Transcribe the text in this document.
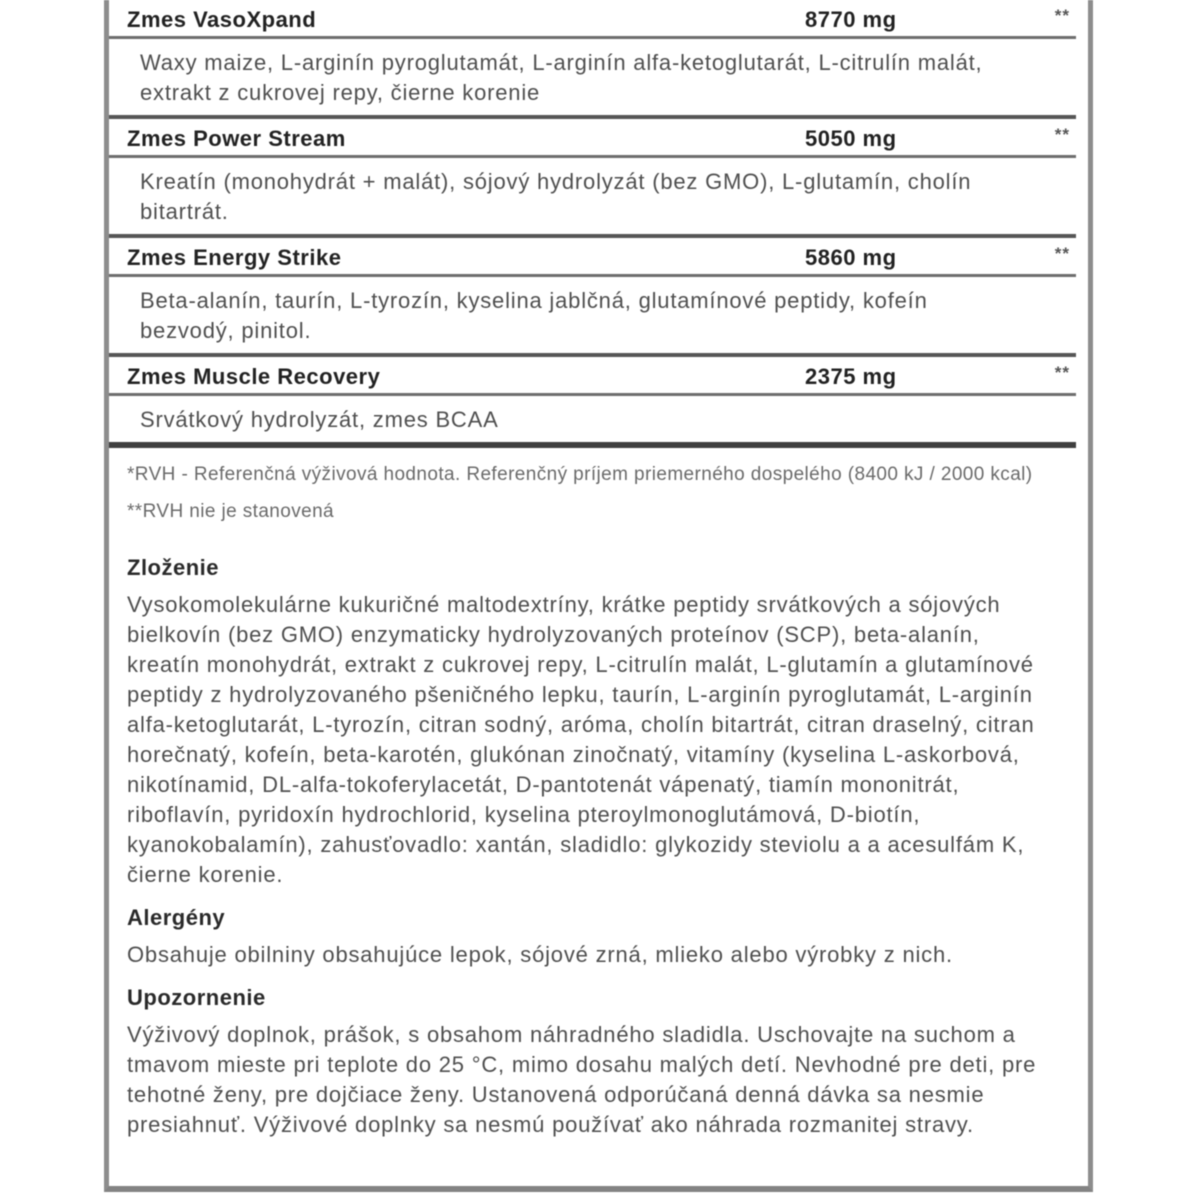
Zmes VasoXpand	8770 mg	**
Waxy maize, L-arginín pyroglutamát, L-arginín alfa-ketoglutarát, L-citrulín malát, extrakt z cukrovej repy, čierne korenie
Zmes Power Stream	5050 mg	**
Kreatín (monohydrát + malát), sójový hydrolyzát (bez GMO), L-glutamín, cholín bitartrát.
Zmes Energy Strike	5860 mg	**
Beta-alanín, taurín, L-tyrozín, kyselina jablčná, glutamínové peptidy, kofeín bezvodý, pinitol.
Zmes Muscle Recovery	2375 mg	**
Srvátkový hydrolyzát, zmes BCAA
*RVH - Referenčná výživová hodnota. Referenčný príjem priemerného dospelého (8400 kJ / 2000 kcal)
**RVH nie je stanovená
Zloženie
Vysokomolekulárne kukuričné maltodextríny, krátke peptidy srvátkových a sójových bielkovín (bez GMO) enzymaticky hydrolyzovaných proteínov (SCP), beta-alanín, kreatín monohydrát, extrakt z cukrovej repy, L-citrulín malát, L-glutamín a glutamínové peptidy z hydrolyzovaného pšeničného lepku, taurín, L-arginín pyroglutamát, L-arginín alfa-ketoglutarát, L-tyrozín, citran sodný, aróma, cholín bitartrát, citran draselný, citran horečnatý, kofeín, beta-karotén, glukónan zinočnatý, vitamíny (kyselina L-askorbová, nikotínamid, DL-alfa-tokoferylacetát, D-pantotenát vápenatý, tiamín mononitrát, riboflavín, pyridoxín hydrochlorid, kyselina pteroylmonoglutámová, D-biotín, kyanokobalamín), zahusťovadlo: xantán, sladidlo: glykozidy steviolu a a acesulfám K, čierne korenie.
Alergény
Obsahuje obilniny obsahujúce lepok, sójové zrná, mlieko alebo výrobky z nich.
Upozornenie
Výživový doplnok, prášok, s obsahom náhradného sladidla. Uschovajte na suchom a tmavom mieste pri teplote do 25 °C, mimo dosahu malých detí. Nevhodné pre deti, pre tehotné ženy, pre dojčiace ženy. Ustanovená odporúčaná denná dávka sa nesmie presiahnuť. Výživové doplnky sa nesmú používať ako náhrada rozmanitej stravy.
